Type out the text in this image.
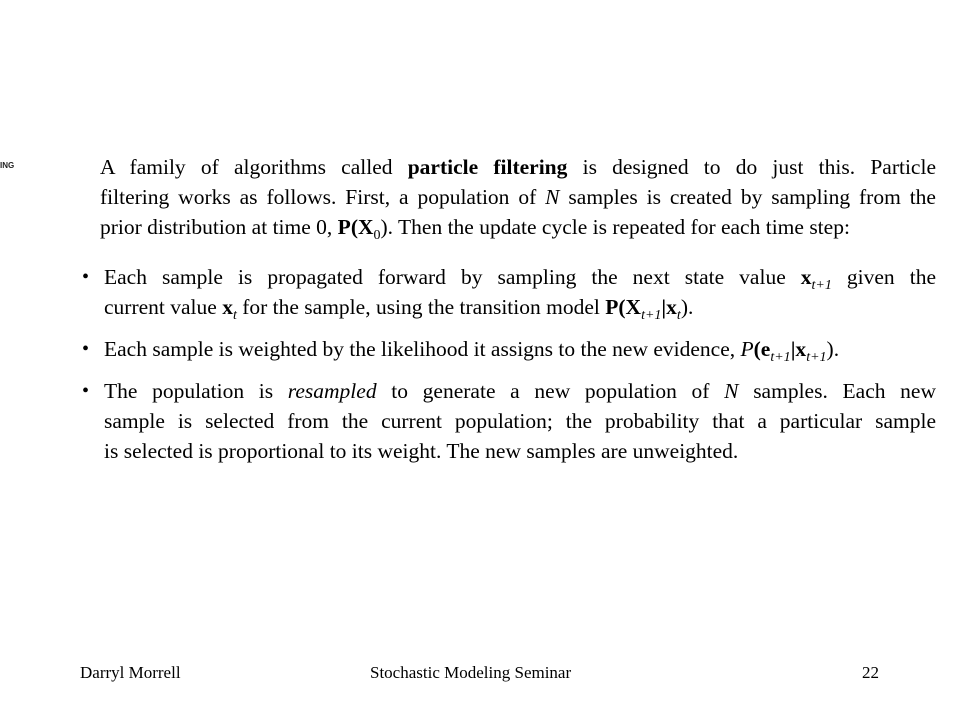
ING	A family of algorithms called particle filtering is designed to do just this. Particle
filtering works as follows. First, a population of N samples is created by sampling from the
prior distribution at time 0, $P(X_0)$. Then the update cycle is repeated for each time step:

• Each sample is propagated forward by sampling the next state value $x_{t+1}$ given the
current value $x_t$ for the sample, using the transition model $P(X_{t+1}|x_t)$.
• Each sample is weighted by the likelihood it assigns to the new evidence, $P(e_{t+1}|x_{t+1})$.
• The population is resampled to generate a new population of N samples. Each new
sample is selected from the current population; the probability that a particular sample
is selected is proportional to its weight. The new samples are unweighted.
Darryl Morrell	Stochastic Modeling Seminar	22
